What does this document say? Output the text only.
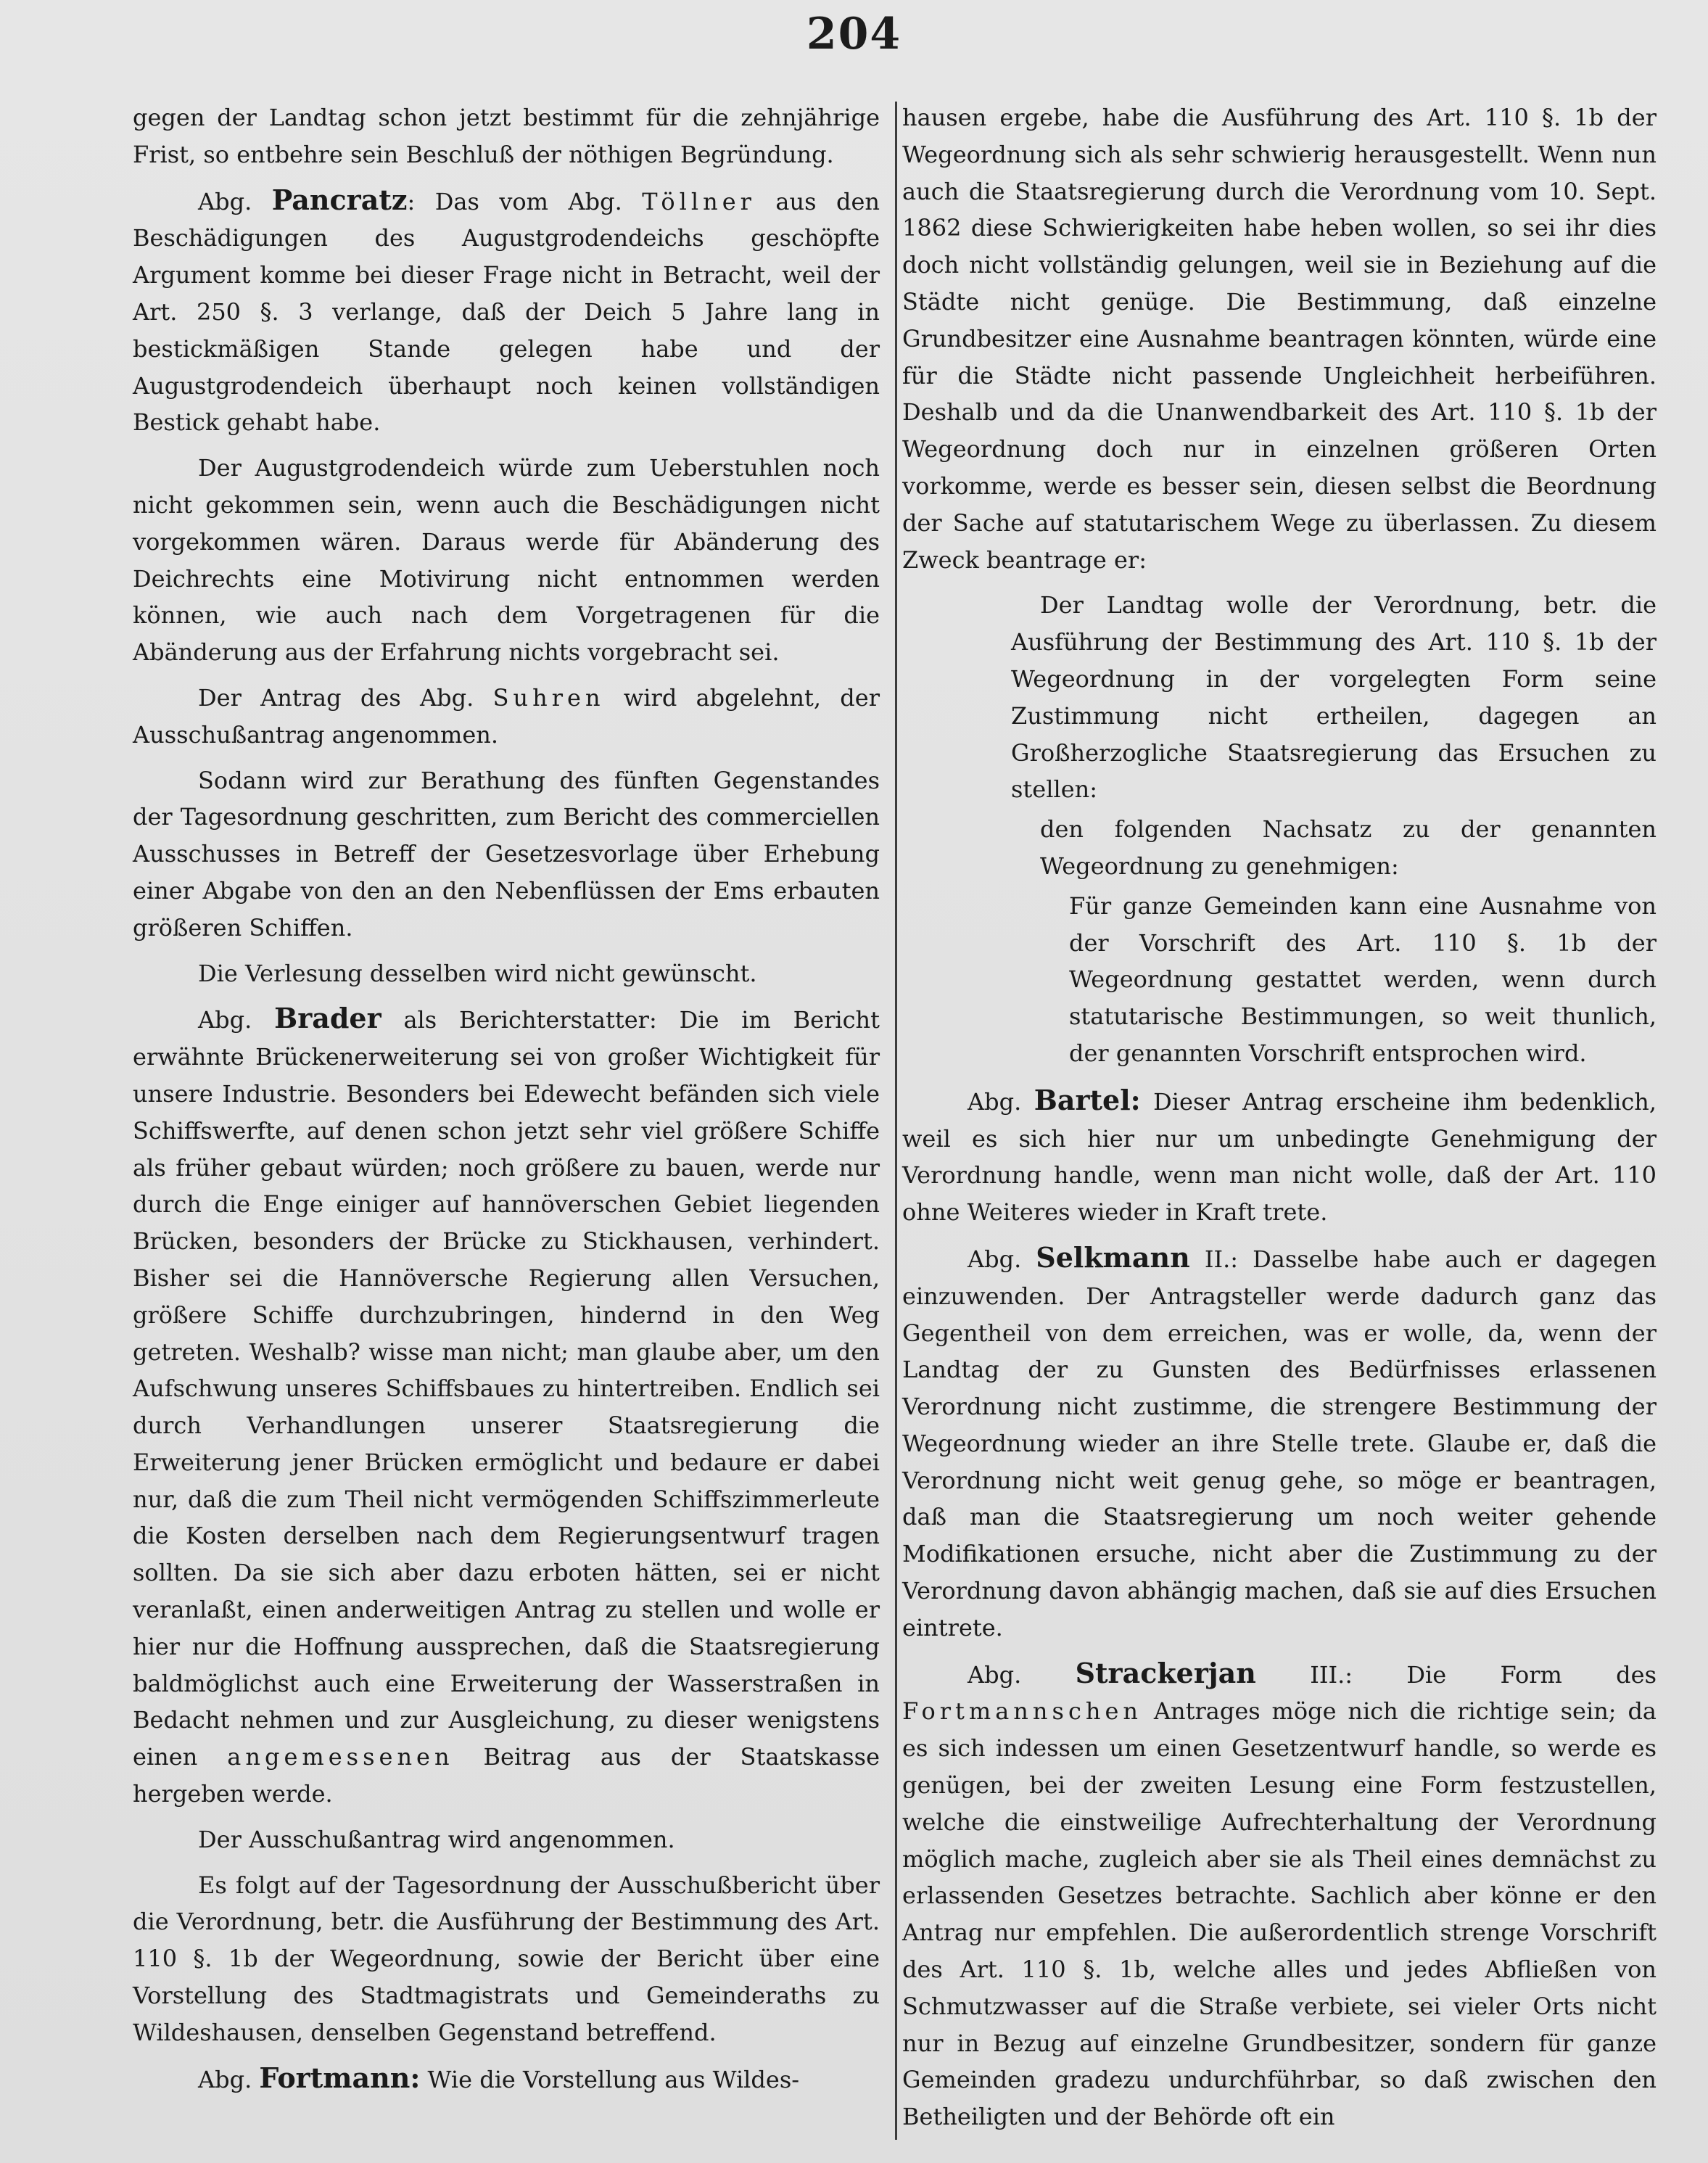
204

gegen der Landtag schon jetzt bestimmt für die zehnjährige Frist, so entbehre sein Beschluß der nöthigen Begründung.

Abg. Pancratz: Das vom Abg. Töllner aus den Beschädigungen des Augustgrodendeichs geschöpfte Argument komme bei dieser Frage nicht in Betracht, weil der Art. 250 §. 3 verlange, daß der Deich 5 Jahre lang in bestickmäßigen Stande gelegen habe und der Augustgrodendeich überhaupt noch keinen vollständigen Bestick gehabt habe.

Der Augustgrodendeich würde zum Ueberstuhlen noch nicht gekommen sein, wenn auch die Beschädigungen nicht vorgekommen wären. Daraus werde für Abänderung des Deichrechts eine Motivirung nicht entnommen werden können, wie auch nach dem Vorgetragenen für die Abänderung aus der Erfahrung nichts vorgebracht sei.

Der Antrag des Abg. Suhren wird abgelehnt, der Ausschußantrag angenommen.

Sodann wird zur Berathung des fünften Gegenstandes der Tagesordnung geschritten, zum Bericht des commerciellen Ausschusses in Betreff der Gesetzesvorlage über Erhebung einer Abgabe von den an den Nebenflüssen der Ems erbauten größeren Schiffen.

Die Verlesung desselben wird nicht gewünscht.

Abg. Brader als Berichterstatter: Die im Bericht erwähnte Brückenerweiterung sei von großer Wichtigkeit für unsere Industrie. Besonders bei Edewecht befänden sich viele Schiffswerfte, auf denen schon jetzt sehr viel größere Schiffe als früher gebaut würden; noch größere zu bauen, werde nur durch die Enge einiger auf hannöverschen Gebiet liegenden Brücken, besonders der Brücke zu Stickhausen, verhindert. Bisher sei die Hannöversche Regierung allen Versuchen, größere Schiffe durchzubringen, hindernd in den Weg getreten. Weshalb? wisse man nicht; man glaube aber, um den Aufschwung unseres Schiffsbaues zu hintertreiben. Endlich sei durch Verhandlungen unserer Staatsregierung die Erweiterung jener Brücken ermöglicht und bedaure er dabei nur, daß die zum Theil nicht vermögenden Schiffszimmerleute die Kosten derselben nach dem Regierungsentwurf tragen sollten. Da sie sich aber dazu erboten hätten, sei er nicht veranlaßt, einen anderweitigen Antrag zu stellen und wolle er hier nur die Hoffnung aussprechen, daß die Staatsregierung baldmöglichst auch eine Erweiterung der Wasserstraßen in Bedacht nehmen und zur Ausgleichung, zu dieser wenigstens einen angemessenen Beitrag aus der Staatskasse hergeben werde.

Der Ausschußantrag wird angenommen.

Es folgt auf der Tagesordnung der Ausschußbericht über die Verordnung, betr. die Ausführung der Bestimmung des Art. 110 §. 1b der Wegeordnung, sowie der Bericht über eine Vorstellung des Stadtmagistrats und Gemeinderaths zu Wildeshausen, denselben Gegenstand betreffend.

Abg. Fortmann: Wie die Vorstellung aus Wildes-

hausen ergebe, habe die Ausführung des Art. 110 §. 1b der Wegeordnung sich als sehr schwierig herausgestellt. Wenn nun auch die Staatsregierung durch die Verordnung vom 10. Sept. 1862 diese Schwierigkeiten habe heben wollen, so sei ihr dies doch nicht vollständig gelungen, weil sie in Beziehung auf die Städte nicht genüge. Die Bestimmung, daß einzelne Grundbesitzer eine Ausnahme beantragen könnten, würde eine für die Städte nicht passende Ungleichheit herbeiführen. Deshalb und da die Unanwendbarkeit des Art. 110 §. 1b der Wegeordnung doch nur in einzelnen größeren Orten vorkomme, werde es besser sein, diesen selbst die Beordnung der Sache auf statutarischem Wege zu überlassen. Zu diesem Zweck beantrage er:

Der Landtag wolle der Verordnung, betr. die Ausführung der Bestimmung des Art. 110 §. 1b der Wegeordnung in der vorgelegten Form seine Zustimmung nicht ertheilen, dagegen an Großherzogliche Staatsregierung das Ersuchen zu stellen:

den folgenden Nachsatz zu der genannten Wegeordnung zu genehmigen:

Für ganze Gemeinden kann eine Ausnahme von der Vorschrift des Art. 110 §. 1b der Wegeordnung gestattet werden, wenn durch statutarische Bestimmungen, so weit thunlich, der genannten Vorschrift entsprochen wird.

Abg. Bartel: Dieser Antrag erscheine ihm bedenklich, weil es sich hier nur um unbedingte Genehmigung der Verordnung handle, wenn man nicht wolle, daß der Art. 110 ohne Weiteres wieder in Kraft trete.

Abg. Selkmann II.: Dasselbe habe auch er dagegen einzuwenden. Der Antragsteller werde dadurch ganz das Gegentheil von dem erreichen, was er wolle, da, wenn der Landtag der zu Gunsten des Bedürfnisses erlassenen Verordnung nicht zustimme, die strengere Bestimmung der Wegeordnung wieder an ihre Stelle trete. Glaube er, daß die Verordnung nicht weit genug gehe, so möge er beantragen, daß man die Staatsregierung um noch weiter gehende Modifikationen ersuche, nicht aber die Zustimmung zu der Verordnung davon abhängig machen, daß sie auf dies Ersuchen eintrete.

Abg. Strackerjan III.: Die Form des Fortmannschen Antrages möge nich die richtige sein; da es sich indessen um einen Gesetzentwurf handle, so werde es genügen, bei der zweiten Lesung eine Form festzustellen, welche die einstweilige Aufrechterhaltung der Verordnung möglich mache, zugleich aber sie als Theil eines demnächst zu erlassenden Gesetzes betrachte. Sachlich aber könne er den Antrag nur empfehlen. Die außerordentlich strenge Vorschrift des Art. 110 §. 1b, welche alles und jedes Abfließen von Schmutzwasser auf die Straße verbiete, sei vieler Orts nicht nur in Bezug auf einzelne Grundbesitzer, sondern für ganze Gemeinden gradezu undurchführbar, so daß zwischen den Betheiligten und der Behörde oft ein
